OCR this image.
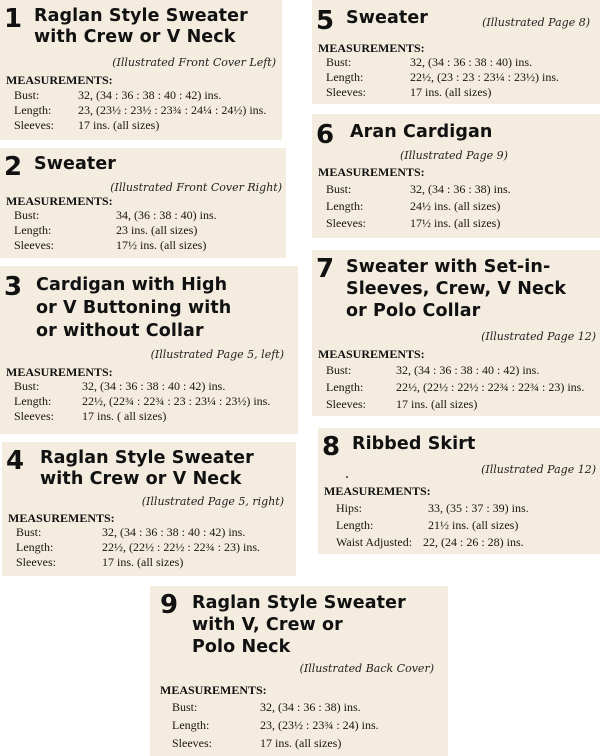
1 Raglan Style Sweater
with Crew or V Neck
(Illustrated Front Cover Left)
MEASUREMENTS:
Bust:	32, (34 : 36 : 38 : 40 : 42) ins.
Length: 23, (23½ : 23½ : 23¾ : 24¼ : 24½) ins.
Sleeves: 17 ins. (all sizes)
2 Sweater
(Illustrated Front Cover Right)
MEASUREMENTS:
Bust:	34, (36 : 38 : 40) ins.
Length:	23 ins. (all sizes)
Sleeves:	17½ ins. (all sizes)
3 Cardigan with High
or V Buttoning with
or without Collar
(Illustrated Page 5, left)
MEASUREMENTS:
Bust:	32, (34 : 36 : 38 : 40 : 42) ins.
Length:	22½, (22¾ : 22¾ : 23 : 23¼ : 23½) ins.
Sleeves: 17 ins. ( all sizes)
4 Raglan Style Sweater
with Crew or V Neck
(Illustrated Page 5, right)
MEASUREMENTS:
Bust:	32, (34 : 36 : 38 : 40 : 42) ins.
Length:	22½, (22½ : 22½ : 22¾ : 23) ins.
Sleeves:	17 ins. (all sizes)
5 Sweater	(Illustrated Page 8)
MEASUREMENTS:
Bust:	32, (34 : 36 : 38 : 40) ins.
Length:	22½, (23 : 23 : 23¼ : 23½) ins.
Sleeves:	17 ins. (all sizes)
6 Aran Cardigan
(Illustrated Page 9)
MEASUREMENTS:
Bust:	32, (34 : 36 : 38) ins.
Length:	24½ ins. (all sizes)
Sleeves:	17½ ins. (all sizes)
7 Sweater with Set-in-
Sleeves, Crew, V Neck
or Polo Collar
(Illustrated Page 12)
MEASUREMENTS:
Bust:	32, (34 : 36 : 38 : 40 : 42) ins.
Length:	22½, (22½ : 22½ : 22¾ : 22¾ : 23) ins.
Sleeves:	17 ins. (all sizes)
8 Ribbed Skirt
(Illustrated Page 12)
MEASUREMENTS:
Hips:	33, (35 : 37 : 39) ins.
Length:	21½ ins. (all sizes)
Waist Adjusted: 22, (24 : 26 : 28) ins.
9 Raglan Style Sweater
with V, Crew or
Polo Neck
(Illustrated Back Cover)
MEASUREMENTS:
Bust:	32, (34 : 36 : 38) ins.
Length:	23, (23½ : 23¾ : 24) ins.
Sleeves:	17 ins. (all sizes)
